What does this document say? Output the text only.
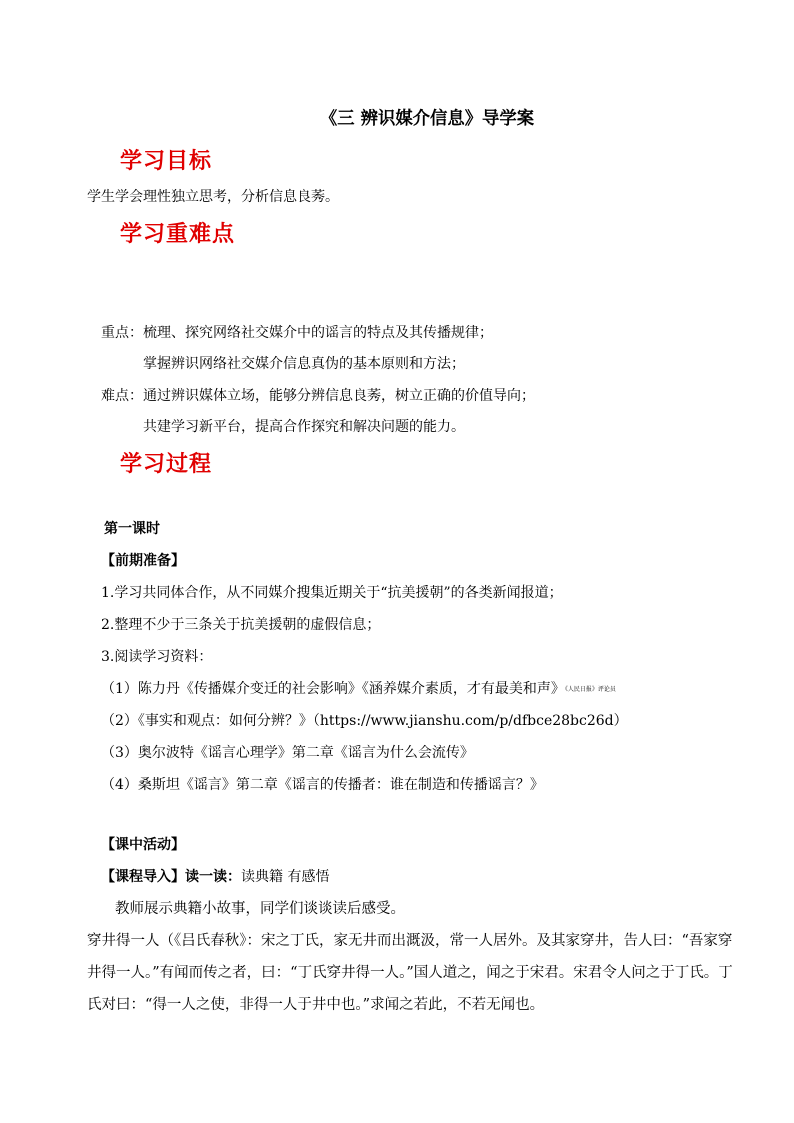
《三 辨识媒介信息》导学案
学习目标
学生学会理性独立思考，分析信息良莠。
学习重难点
重点：梳理、探究网络社交媒介中的谣言的特点及其传播规律；
掌握辨识网络社交媒介信息真伪的基本原则和方法；
难点：通过辨识媒体立场，能够分辨信息良莠，树立正确的价值导向；
共建学习新平台，提高合作探究和解决问题的能力。
学习过程
第一课时
【前期准备】
1.学习共同体合作，从不同媒介搜集近期关于“抗美援朝”的各类新闻报道；
2.整理不少于三条关于抗美援朝的虚假信息；
3.阅读学习资料：
（1）陈力丹《传播媒介变迁的社会影响》《涵养媒介素质，才有最美和声》《人民日报》评论员
（2）《事实和观点：如何分辨？》（https://www.jianshu.com/p/dfbce28bc26d）
（3）奥尔波特《谣言心理学》第二章《谣言为什么会流传》
（4）桑斯坦《谣言》第二章《谣言的传播者：谁在制造和传播谣言？》
【课中活动】
【课程导入】读一读：读典籍 有感悟
教师展示典籍小故事，同学们谈谈读后感受。
穿井得一人（《吕氏春秋》：宋之丁氏，家无井而出溉汲，常一人居外。及其家穿井，告人曰：“吾家穿
井得一人。”有闻而传之者，曰：“丁氏穿井得一人。”国人道之，闻之于宋君。宋君令人问之于丁氏。丁
氏对曰：“得一人之使，非得一人于井中也。”求闻之若此，不若无闻也。
